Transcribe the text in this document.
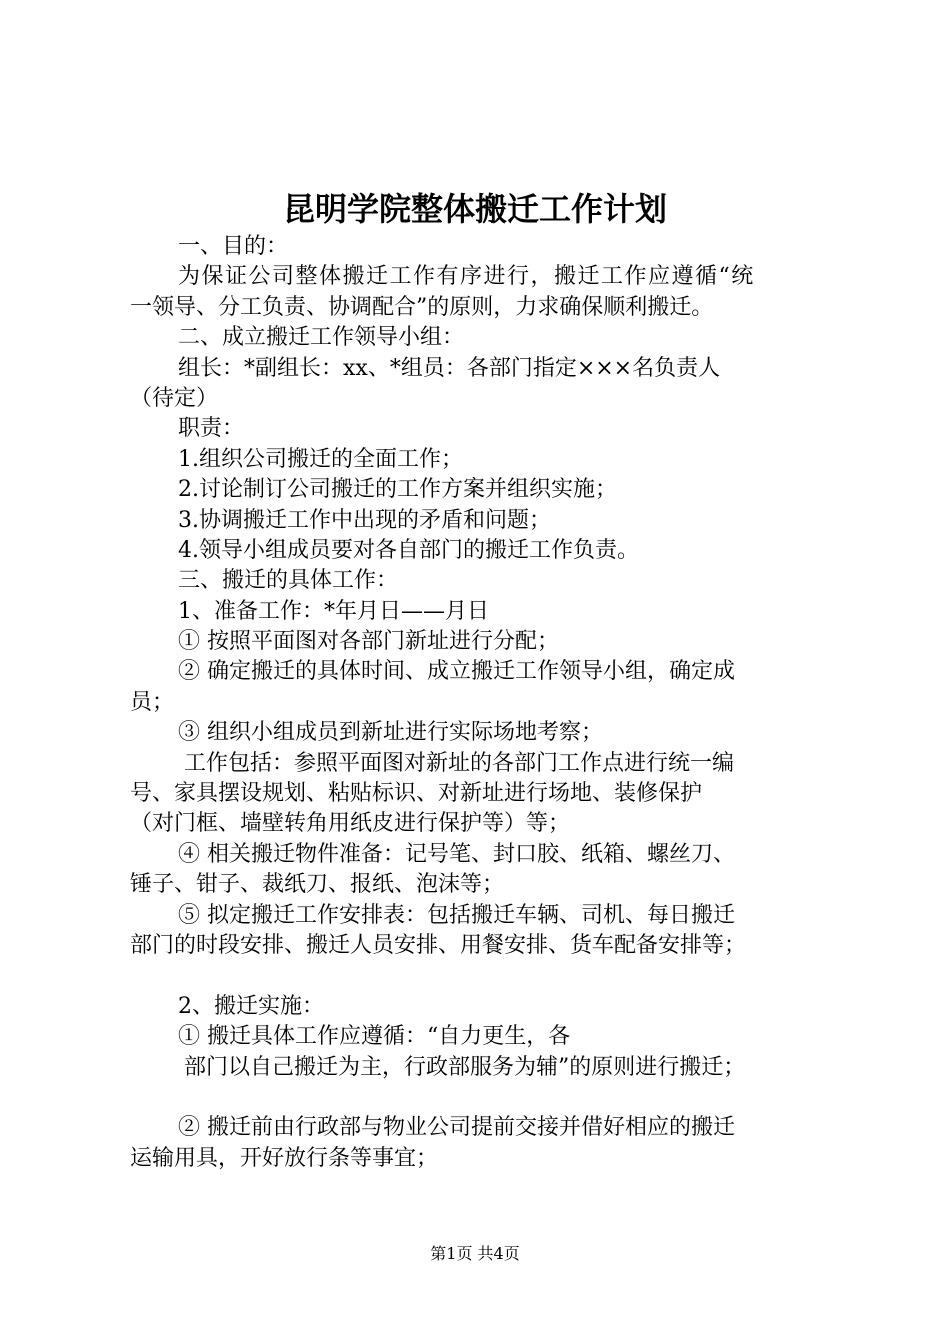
昆明学院整体搬迁工作计划
一、目的：
为保证公司整体搬迁工作有序进行，搬迁工作应遵循“统
一领导、分工负责、协调配合”的原则，力求确保顺利搬迁。
二、成立搬迁工作领导小组：
组长：*副组长：xx、*组员：各部门指定×××名负责人
（待定）
职责：
1.组织公司搬迁的全面工作；
2.讨论制订公司搬迁的工作方案并组织实施；
3.协调搬迁工作中出现的矛盾和问题；
4.领导小组成员要对各自部门的搬迁工作负责。
三、搬迁的具体工作：
1、准备工作：*年月日——月日
① 按照平面图对各部门新址进行分配；
② 确定搬迁的具体时间、成立搬迁工作领导小组，确定成
员；
③ 组织小组成员到新址进行实际场地考察；
工作包括：参照平面图对新址的各部门工作点进行统一编
号、家具摆设规划、粘贴标识、对新址进行场地、装修保护
（对门框、墙壁转角用纸皮进行保护等）等；
④ 相关搬迁物件准备：记号笔、封口胶、纸箱、螺丝刀、
锤子、钳子、裁纸刀、报纸、泡沫等；
⑤ 拟定搬迁工作安排表：包括搬迁车辆、司机、每日搬迁
部门的时段安排、搬迁人员安排、用餐安排、货车配备安排等；
2、搬迁实施：
① 搬迁具体工作应遵循：“自力更生，各
部门以自己搬迁为主，行政部服务为辅”的原则进行搬迁；
② 搬迁前由行政部与物业公司提前交接并借好相应的搬迁
运输用具，开好放行条等事宜；
第1页 共4页
